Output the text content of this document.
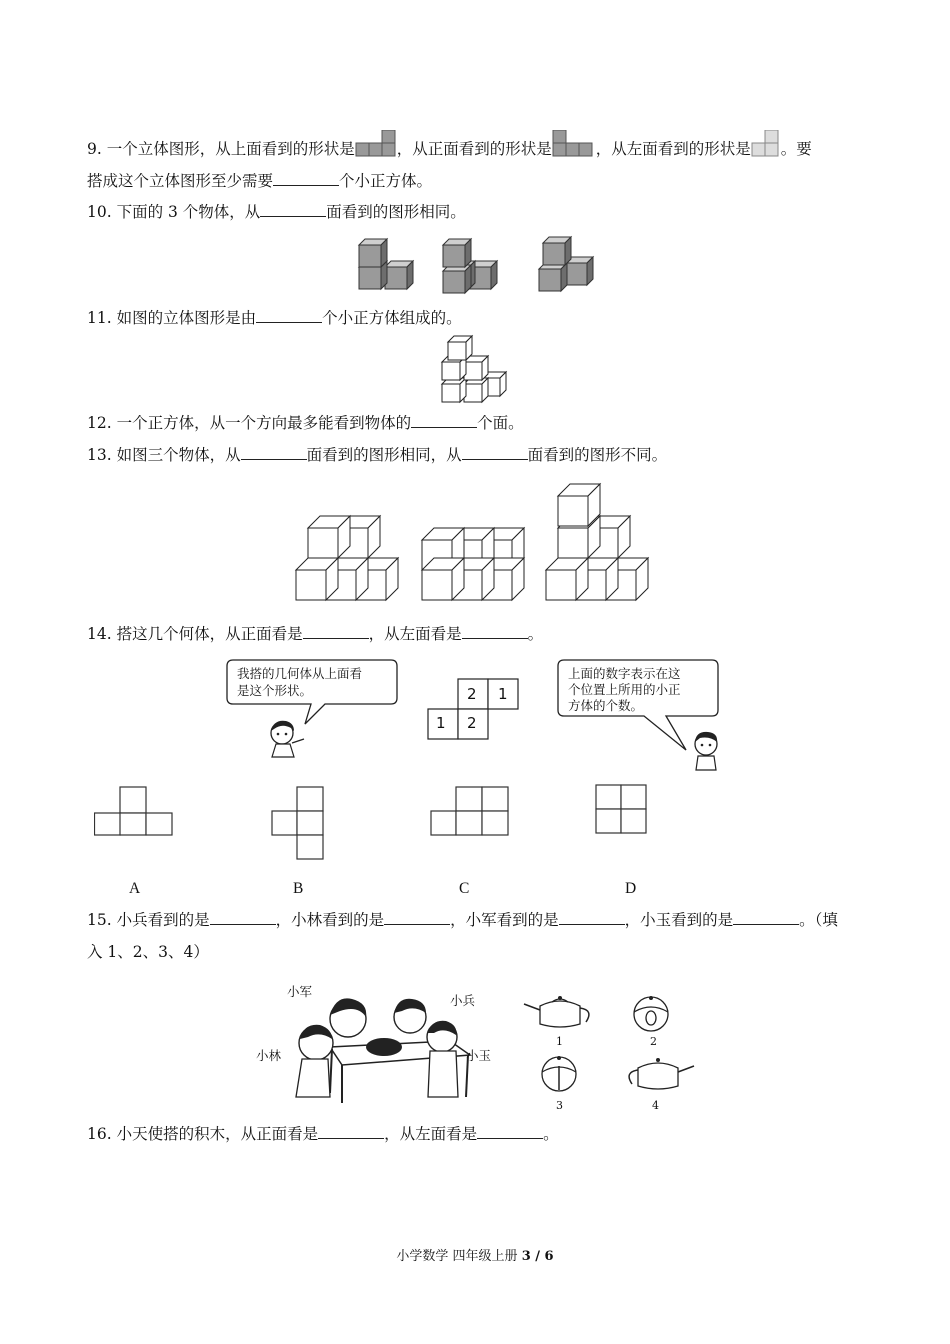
9. 一个立体图形，从上面看到的形状是	，从正面看到的形状是	，从左面看到的形状是 。要
搭成这个立体图形至少需要	个小正方体。
10. 下面的 3 个物体，从	面看到的图形相同。
11. 如图的立体图形是由	个小正方体组成的。
12. 一个正方体，从一个方向最多能看到物体的	个面。
13. 如图三个物体，从	面看到的图形相同，从	面看到的图形不同。
14. 搭这几个何体，从正面看是	，从左面看是	。
我搭的几何体从上面看
是这个形状。	2 1
1 2
上面的数字表示在这
个位置上所用的小正
方体的个数。
A	B	C	D
15. 小兵看到的是	，小林看到的是	，小军看到的是	，小玉看到的是	。（填
入 1、2、3、4）
小军
小兵
小林	小玉
1	2
3	4
16. 小天使搭的积木，从正面看是	，从左面看是	。
小学数学 四年级上册 3 / 6
